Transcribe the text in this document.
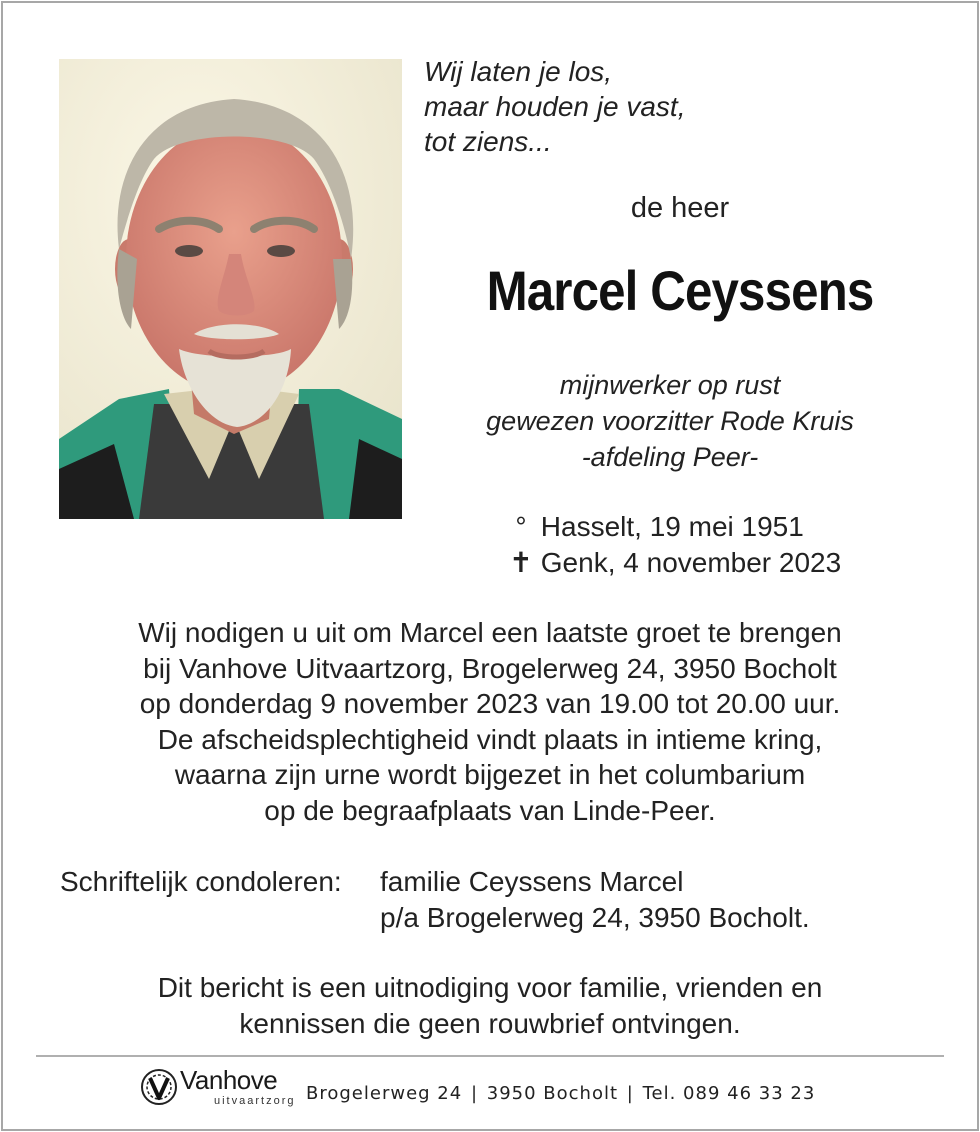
Wij laten je los,
maar houden je vast,
tot ziens...
de heer
Marcel Ceyssens
mijnwerker op rust
gewezen voorzitter Rode Kruis
-afdeling Peer-
° Hasselt, 19 mei 1951
✝ Genk, 4 november 2023
Wij nodigen u uit om Marcel een laatste groet te brengen
bij Vanhove Uitvaartzorg, Brogelerweg 24, 3950 Bocholt
op donderdag 9 november 2023 van 19.00 tot 20.00 uur.
De afscheidsplechtigheid vindt plaats in intieme kring,
waarna zijn urne wordt bijgezet in het columbarium
op de begraafplaats van Linde-Peer.
Schriftelijk condoleren: familie Ceyssens Marcel
p/a Brogelerweg 24, 3950 Bocholt.
Dit bericht is een uitnodiging voor familie, vrienden en
kennissen die geen rouwbrief ontvingen.
Vanhove
uitvaartzorg Brogelerweg 24 | 3950 Bocholt | Tel. 089 46 33 23
